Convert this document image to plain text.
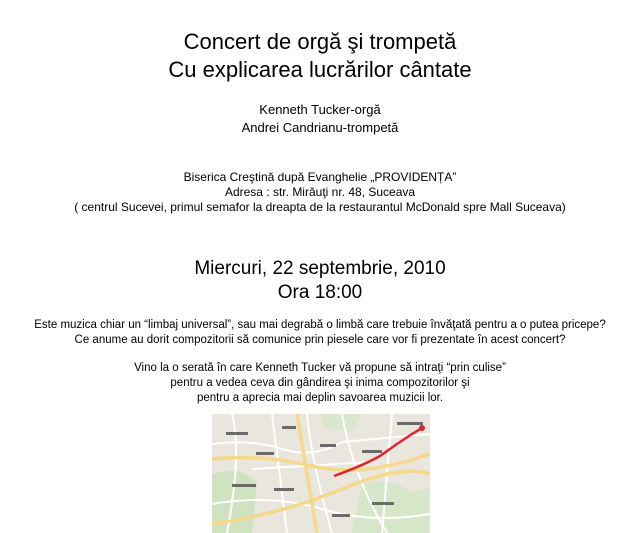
Concert de orgă şi trompetă
Cu explicarea lucrărilor cântate
Kenneth Tucker-orgă
Andrei Candrianu-trompetă
Biserica Creştină după Evanghelie „PROVIDENȚA”
Adresa : str. Mirăuţi nr. 48, Suceava
( centrul Sucevei, primul semafor la dreapta de la restaurantul McDonald spre Mall Suceava)
Miercuri, 22 septembrie, 2010
Ora 18:00
Este muzica chiar un “limbaj universal”, sau mai degrabă o limbă care trebuie învăţată pentru a o putea pricepe?
Ce anume au dorit compozitorii să comunice prin piesele care vor fi prezentate în acest concert?
Vino la o serată în care Kenneth Tucker vă propune să intraţi “prin culise”
pentru a vedea ceva din gândirea şi inima compozitorilor şi
pentru a aprecia mai deplin savoarea muzicii lor.
